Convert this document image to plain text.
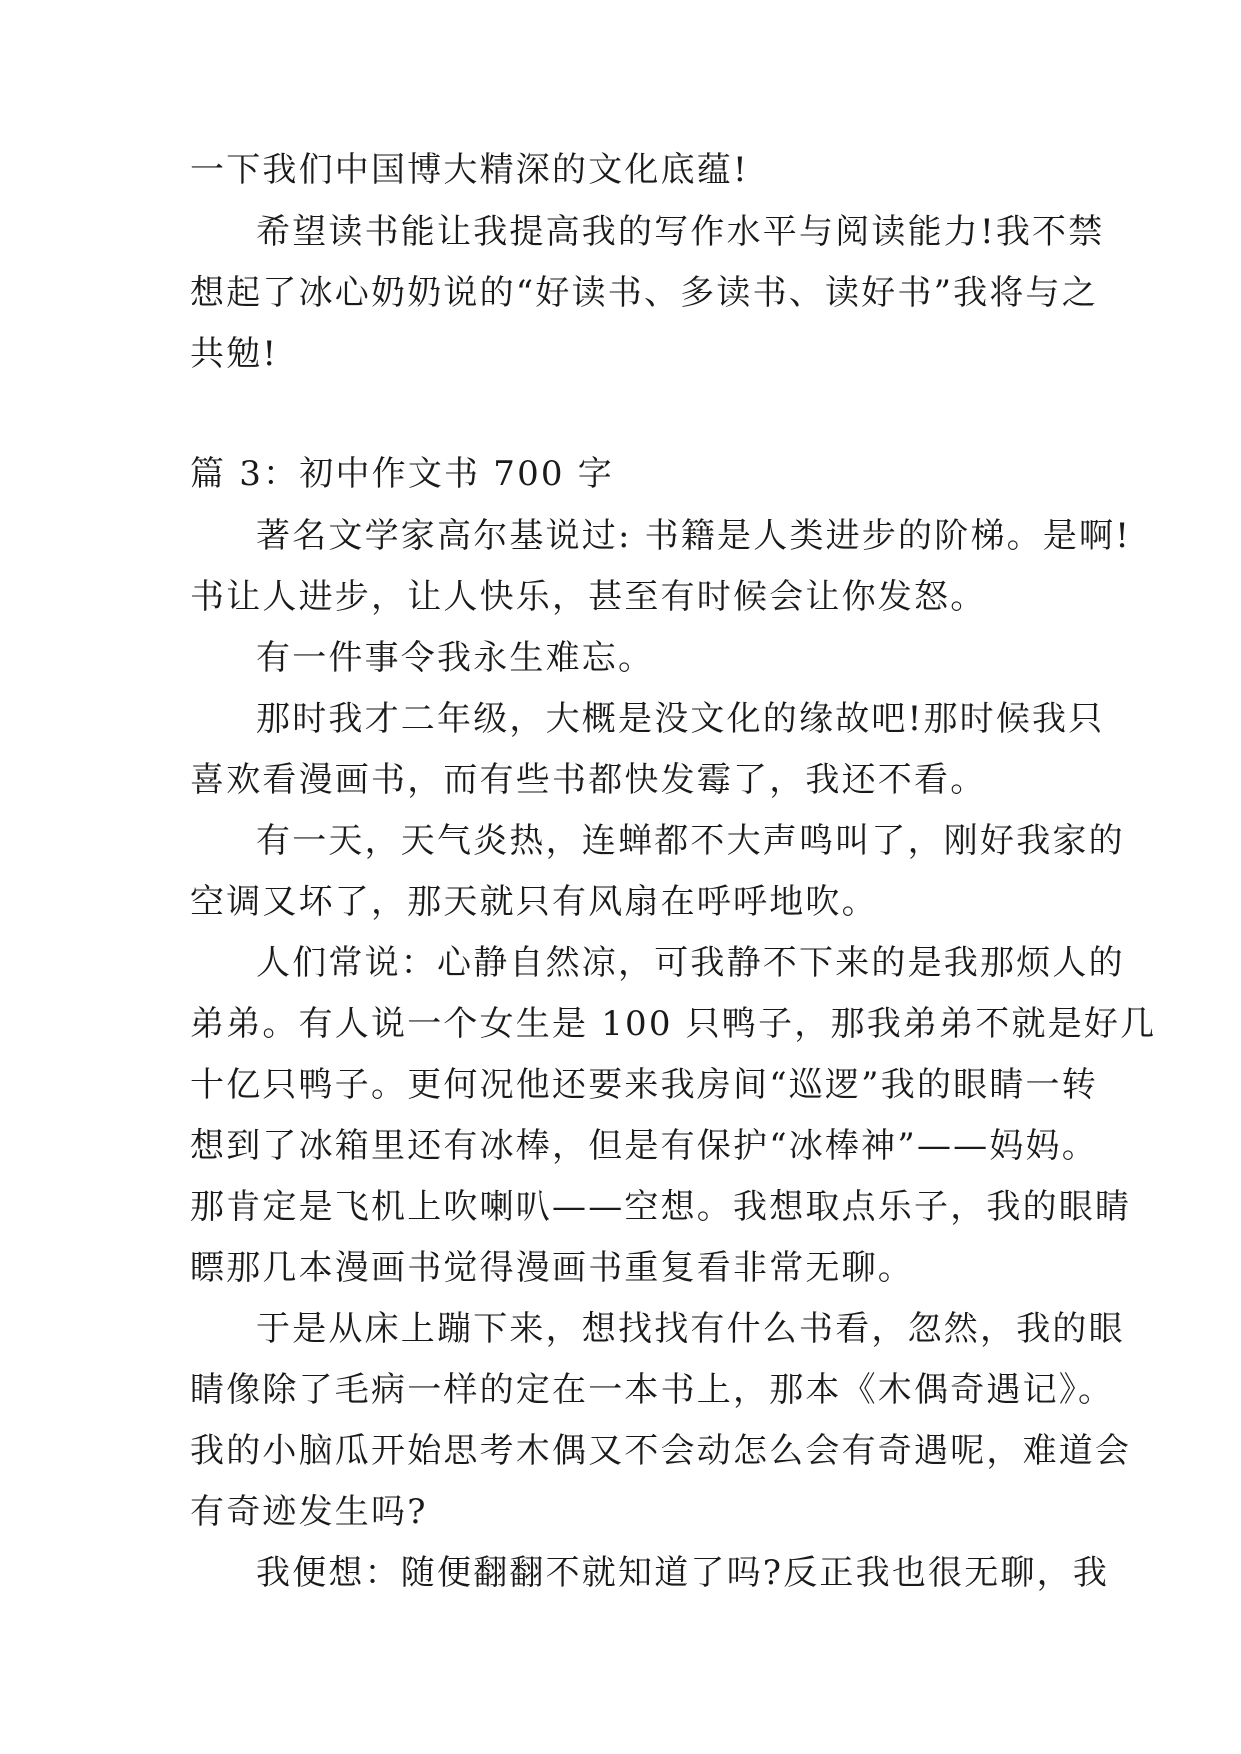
一下我们中国博大精深的文化底蕴!
希望读书能让我提高我的写作水平与阅读能力!我不禁
想起了冰心奶奶说的“好读书、多读书、读好书”我将与之
共勉!
篇 3：初中作文书 700 字
著名文学家高尔基说过: 书籍是人类进步的阶梯。是啊!
书让人进步，让人快乐，甚至有时候会让你发怒。
有一件事令我永生难忘。
那时我才二年级，大概是没文化的缘故吧!那时候我只
喜欢看漫画书，而有些书都快发霉了，我还不看。
有一天，天气炎热，连蝉都不大声鸣叫了，刚好我家的
空调又坏了，那天就只有风扇在呼呼地吹。
人们常说：心静自然凉，可我静不下来的是我那烦人的
弟弟。有人说一个女生是 100 只鸭子，那我弟弟不就是好几
十亿只鸭子。更何况他还要来我房间“巡逻”我的眼睛一转
想到了冰箱里还有冰棒，但是有保护“冰棒神”——妈妈。
那肯定是飞机上吹喇叭——空想。我想取点乐子，我的眼睛
瞟那几本漫画书觉得漫画书重复看非常无聊。
于是从床上蹦下来，想找找有什么书看，忽然，我的眼
睛像除了毛病一样的定在一本书上，那本《木偶奇遇记》。
我的小脑瓜开始思考木偶又不会动怎么会有奇遇呢，难道会
有奇迹发生吗?
我便想：随便翻翻不就知道了吗?反正我也很无聊，我
